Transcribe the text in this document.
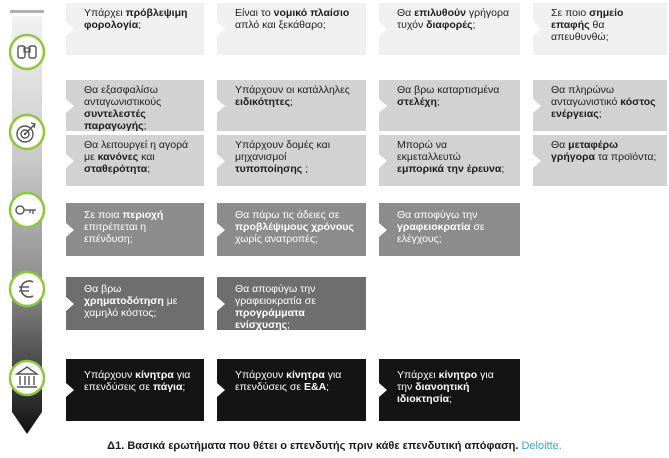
Υπάρχει πρόβλεψιμη φορολογία;
Είναι το νομικό πλαίσιο απλό και ξεκάθαρο;
Θα επιλυθούν γρήγορα τυχόν διαφορές;
Σε ποιο σημείο επαφής θα απευθυνθώ;
Θα εξασφαλίσω ανταγωνιστικούς συντελεστές παραγωγής;
Υπάρχουν οι κατάλληλες ειδικότητες;
Θα βρω καταρτισμένα στελέχη;
Θα πληρώνω ανταγωνιστικό κόστος ενέργειας;
Θα λειτουργεί η αγορά με κανόνες και σταθερότητα;
Υπάρχουν δομές και μηχανισμοί τυποποίησης ;
Μπορώ να εκμεταλλευτώ εμπορικά την έρευνα;
Θα μεταφέρω γρήγορα τα προϊόντα;
Σε ποια περιοχή επιτρέπεται η επένδυση;
Θα πάρω τις άδειες σε προβλέψιμους χρόνους χωρίς ανατροπές;
Θα αποφύγω την γραφειοκρατία σε ελέγχους;
Θα βρω χρηματοδότηση με χαμηλό κόστος;
Θα αποφύγω την γραφειοκρατία σε προγράμματα ενίσχυσης;
Υπάρχουν κίνητρα για επενδύσεις σε πάγια;
Υπάρχουν κίνητρα για επενδύσεις σε Ε&Α;
Υπάρχει κίνητρο για την διανοητική ιδιοκτησία;
Δ1. Βασικά ερωτήματα που θέτει ο επενδυτής πριν κάθε επενδυτική απόφαση. Deloitte.
